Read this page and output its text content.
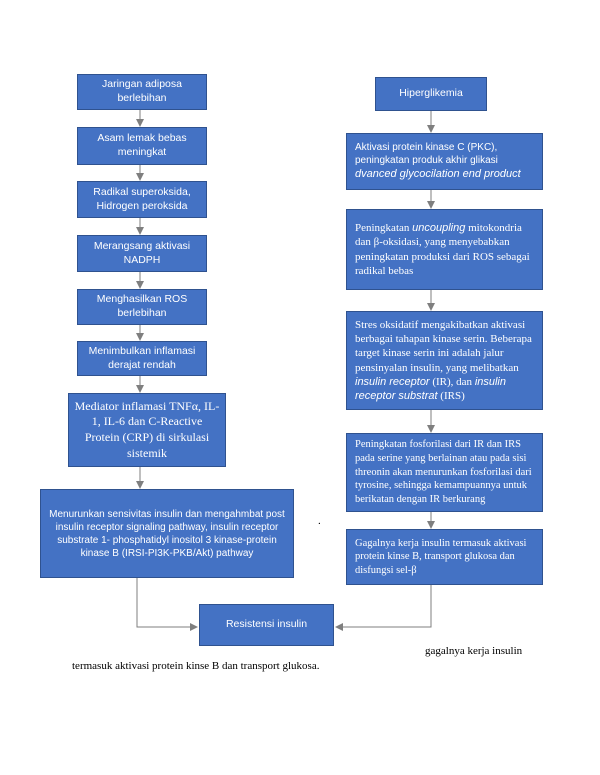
Jaringan adiposa berlebihan
Asam lemak bebas meningkat
Radikal superoksida, Hidrogen peroksida
Merangsang aktivasi NADPH
Menghasilkan ROS berlebihan
Menimbulkan inflamasi derajat rendah
Mediator inflamasi TNFα, IL-1, IL-6 dan C-Reactive Protein (CRP) di sirkulasi sistemik
Menurunkan sensivitas insulin dan mengahmbat post insulin receptor signaling pathway, insulin receptor substrate 1- phosphatidyl inositol 3 kinase-protein kinase B (IRSI-PI3K-PKB/Akt) pathway
Hiperglikemia
Aktivasi protein kinase C (PKC),
peningkatan produk akhir glikasi
dvanced glycocilation end product
Peningkatan uncoupling mitokondria dan β-oksidasi, yang menyebabkan peningkatan produksi dari ROS sebagai radikal bebas
Stres oksidatif mengakibatkan aktivasi berbagai tahapan kinase serin. Beberapa target kinase serin ini adalah jalur pensinyalan insulin, yang melibatkan insulin receptor (IR), dan insulin receptor substrat (IRS)
Peningkatan fosforilasi dari IR dan IRS pada serine yang berlainan atau pada sisi threonin akan menurunkan fosforilasi dari tyrosine, sehingga kemampuannya untuk berikatan dengan IR berkurang
Gagalnya kerja insulin termasuk aktivasi protein kinse B, transport glukosa dan disfungsi sel-β
Resistensi insulin
termasuk aktivasi protein kinse B dan transport glukosa.
gagalnya kerja insulin
.
